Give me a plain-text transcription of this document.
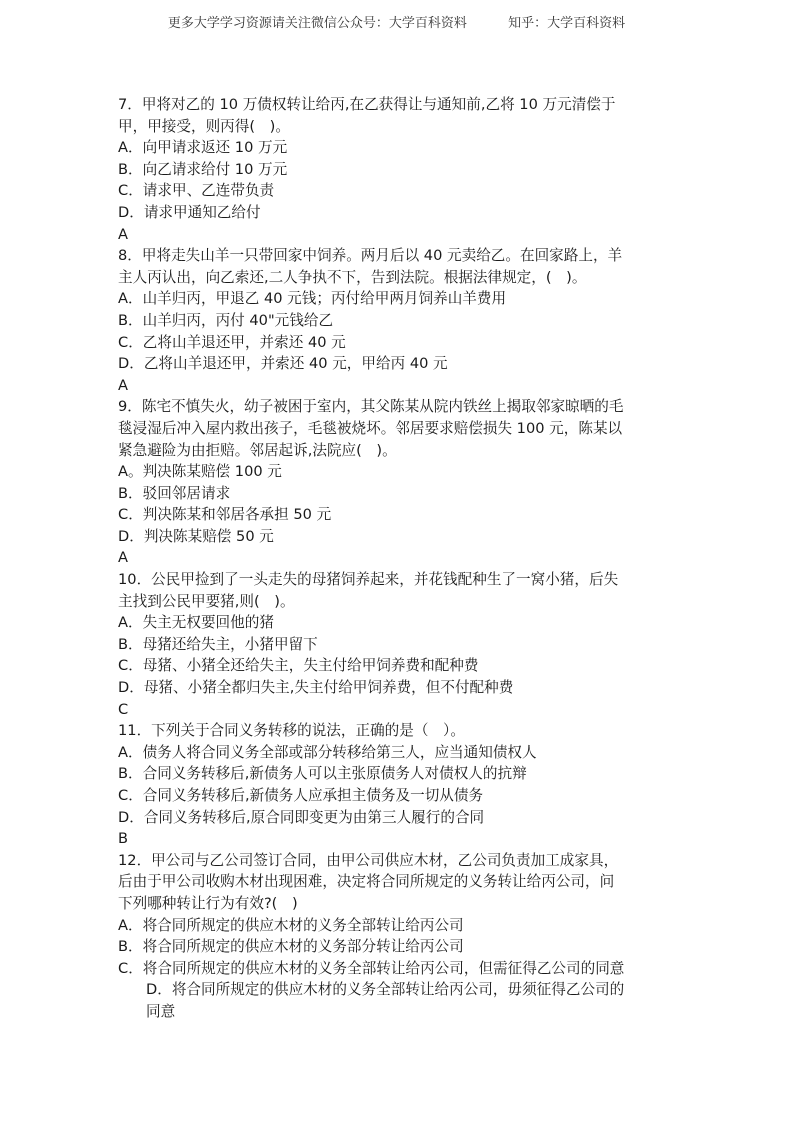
更多大学学习资源请关注微信公众号：大学百科资料          知乎：大学百科资料
7．甲将对乙的 10 万债权转让给丙,在乙获得让与通知前,乙将 10 万元清偿于
甲，甲接受，则丙得(　)。
A．向甲请求返还 10 万元
B．向乙请求给付 10 万元
C．请求甲、乙连带负责
D．请求甲通知乙给付
A
8．甲将走失山羊一只带回家中饲养。两月后以 40 元卖给乙。在回家路上，羊
主人丙认出，向乙索还,二人争执不下，告到法院。根据法律规定，(　)。
A．山羊归丙，甲退乙 40 元钱；丙付给甲两月饲养山羊费用
B．山羊归丙，丙付 40"元钱给乙
C．乙将山羊退还甲，并索还 40 元
D．乙将山羊退还甲，并索还 40 元，甲给丙 40 元
A
9．陈宅不慎失火，幼子被困于室内，其父陈某从院内铁丝上揭取邻家晾晒的毛
毯浸湿后冲入屋内救出孩子，毛毯被烧坏。邻居要求赔偿损失 100 元，陈某以
紧急避险为由拒赔。邻居起诉,法院应(　)。
A。判决陈某赔偿 100 元
B．驳回邻居请求
C．判决陈某和邻居各承担 50 元
D．判决陈某赔偿 50 元
A
10．公民甲捡到了一头走失的母猪饲养起来，并花钱配种生了一窝小猪，后失
主找到公民甲要猪,则(　)。
A．失主无权要回他的猪
B．母猪还给失主，小猪甲留下
C．母猪、小猪全还给失主，失主付给甲饲养费和配种费
D．母猪、小猪全都归失主,失主付给甲饲养费，但不付配种费
C
11．下列关于合同义务转移的说法，正确的是（　）。
A．债务人将合同义务全部或部分转移给第三人，应当通知债权人
B．合同义务转移后,新债务人可以主张原债务人对债权人的抗辩
C．合同义务转移后,新债务人应承担主债务及一切从债务
D．合同义务转移后,原合同即变更为由第三人履行的合同
B
12．甲公司与乙公司签订合同，由甲公司供应木材，乙公司负责加工成家具，
后由于甲公司收购木材出现困难，决定将合同所规定的义务转让给丙公司，问
下列哪种转让行为有效?(　)
A．将合同所规定的供应木材的义务全部转让给丙公司
B．将合同所规定的供应木材的义务部分转让给丙公司
C．将合同所规定的供应木材的义务全部转让给丙公司，但需征得乙公司的同意
D．将合同所规定的供应木材的义务全部转让给丙公司，毋须征得乙公司的
同意
